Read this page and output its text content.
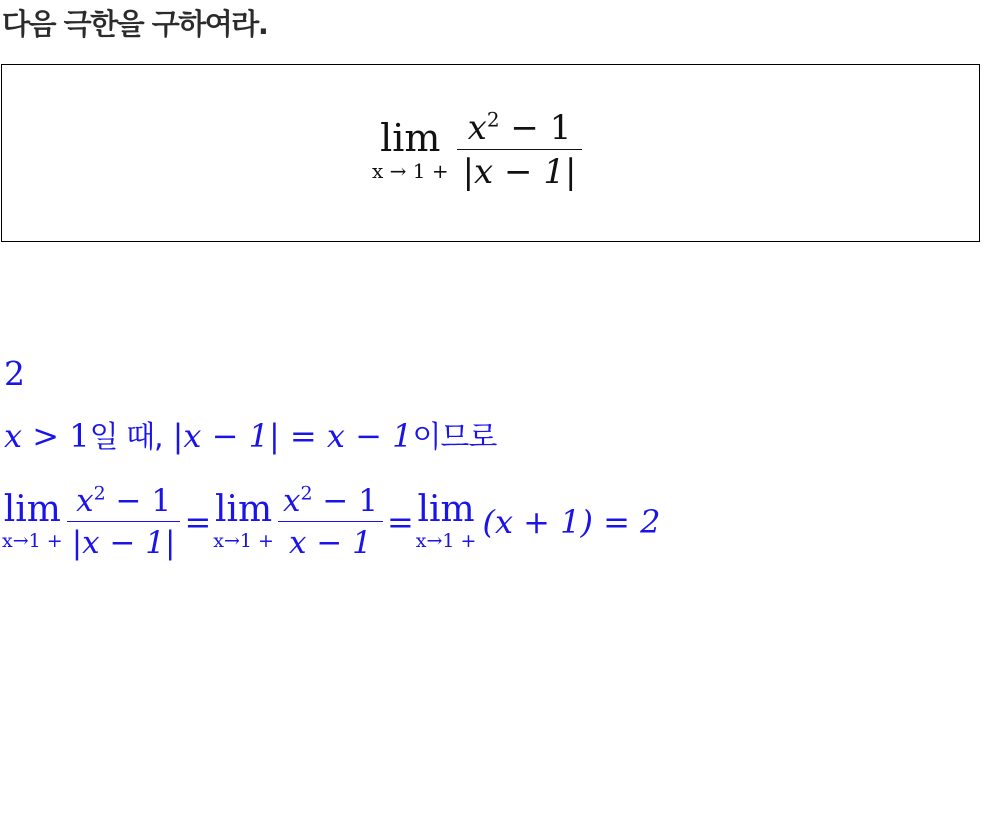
다음 극한을 구하여라.
lim
$x \to 1 + \frac{x^2 - 1}{|x - 1|}$
2
x > 1일 때, |x − 1| = x − 1이므로
lim
$x\to 1 + \frac{x^2 - 1}{|x - 1|} = \lim$
$x\to 1 + \frac{x^2 - 1}{x - 1} = \lim$
x→1 + (x + 1) = 2
